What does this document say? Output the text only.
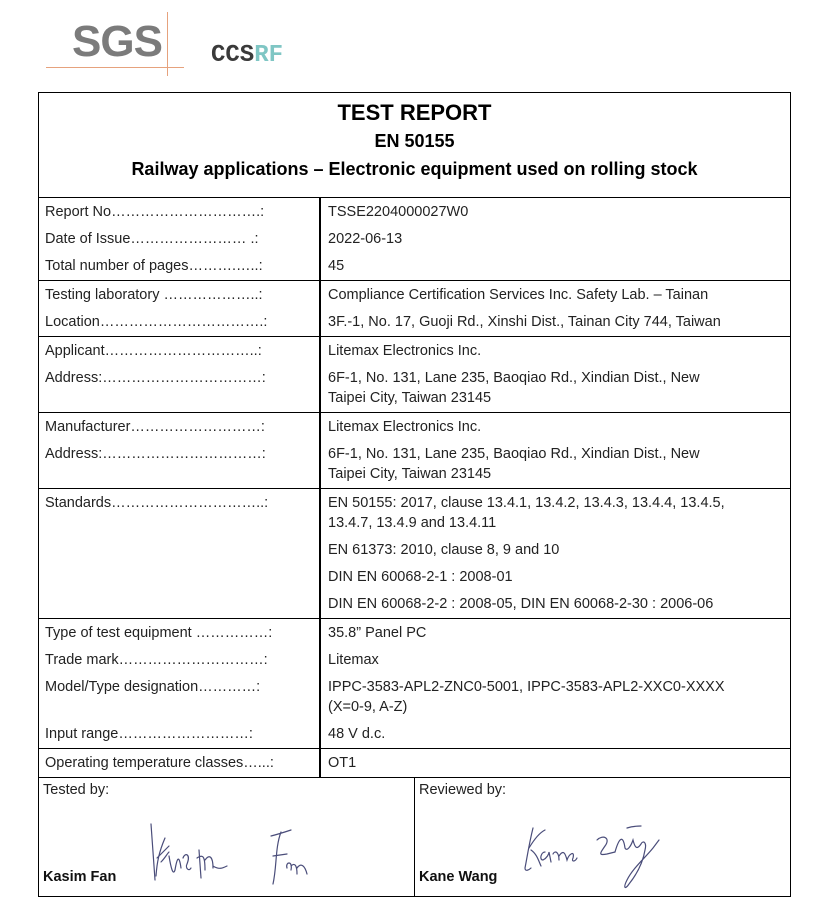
SGS CCS RF
TEST REPORT
EN 50155
Railway applications – Electronic equipment used on rolling stock
Report No………………………….:	TSSE2204000027W0
Date of Issue…………………… .:	2022-06-13
Total number of pages……….…..:	45
Testing laboratory ………………..:	Compliance Certification Services Inc. Safety Lab. – Tainan
Location…………………………….:	3F.-1, No. 17, Guoji Rd., Xinshi Dist., Tainan City 744, Taiwan
Applicant…………………………..:	Litemax Electronics Inc.
Address:……………………………:	6F-1, No. 131, Lane 235, Baoqiao Rd., Xindian Dist., New
Taipei City, Taiwan 23145
Manufacturer………………………:	Litemax Electronics Inc.
Address:……………………………:	6F-1, No. 131, Lane 235, Baoqiao Rd., Xindian Dist., New
Taipei City, Taiwan 23145
Standards…………………………..:	EN 50155: 2017, clause 13.4.1, 13.4.2, 13.4.3, 13.4.4, 13.4.5,
13.4.7, 13.4.9 and 13.4.11
EN 61373: 2010, clause 8, 9 and 10
DIN EN 60068-2-1 : 2008-01
DIN EN 60068-2-2 : 2008-05, DIN EN 60068-2-30 : 2006-06
Type of test equipment ……………:	35.8” Panel PC
Trade mark…………………………:	Litemax
Model/Type designation…………:	IPPC-3583-APL2-ZNC0-5001, IPPC-3583-APL2-XXC0-XXXX
(X=0-9, A-Z)
Input range………………………:	48 V d.c.
Operating temperature classes…...:	OT1
Tested by:
Kasim Fan
Reviewed by:
Kane Wang
